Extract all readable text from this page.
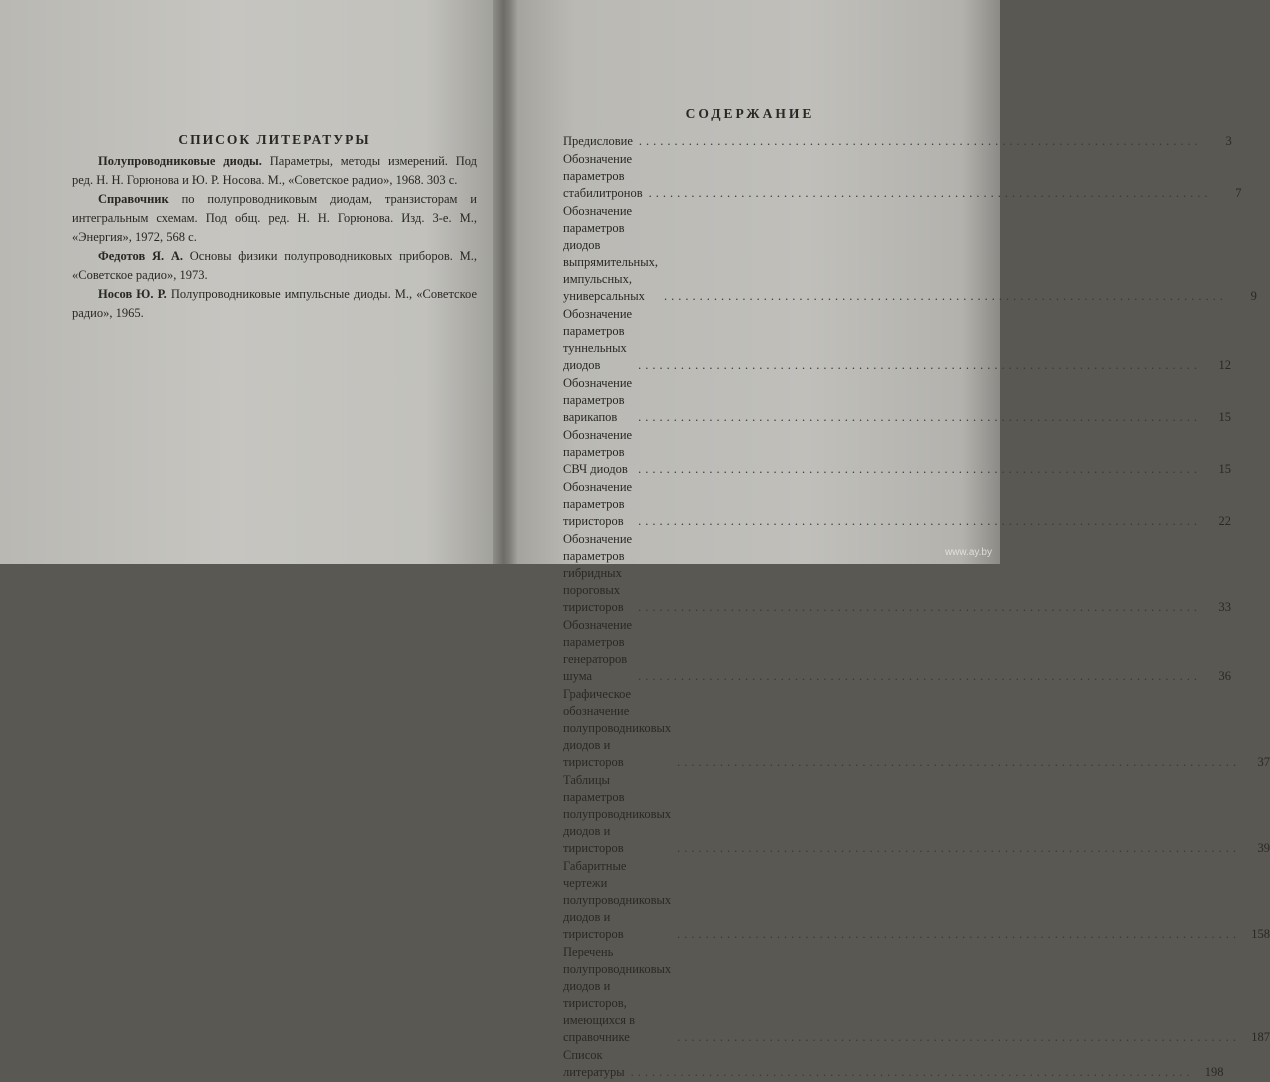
СПИСОК ЛИТЕРАТУРЫ

Полупроводниковые диоды. Параметры, методы измерений. Под ред. Н. Н. Горюнова и Ю. Р. Носова. М., «Советское радио», 1968. 303 с.

Справочник по полупроводниковым диодам, транзисторам и интегральным схемам. Под общ. ред. Н. Н. Горюнова. Изд. 3-е. М., «Энергия», 1972, 568 с.

Федотов Я. А. Основы физики полупроводниковых приборов. М., «Советское радио», 1973.

Носов Ю. Р. Полупроводниковые импульсные диоды. М., «Советское радио», 1965.

СОДЕРЖАНИЕ
Предисловие ...............................................................................	3
Обозначение параметров стабилитронов ...............................................................................	7
Обозначение параметров диодов выпрямительных, импульсных, универсальных	...............................................................................	9
Обозначение параметров туннельных диодов	...............................................................................	12
Обозначение параметров варикапов	...............................................................................	15
Обозначение параметров СВЧ диодов ...............................................................................	15
Обозначение параметров тиристоров	...............................................................................	22
Обозначение параметров гибридных пороговых тиристоров	...............................................................................	33
Обозначение параметров генераторов шума	...............................................................................	36
Графическое обозначение полупроводниковых диодов и тиристоров	...............................................................................	37
Таблицы параметров полупроводниковых диодов и тиристоров	...............................................................................	39
Габаритные чертежи полупроводниковых диодов и тиристоров	............................................................................... 158
Перечень полупроводниковых диодов и тиристоров, имеющихся в справочнике	............................................................................... 187
Список литературы ............................................................................... 198
www.ay.by
